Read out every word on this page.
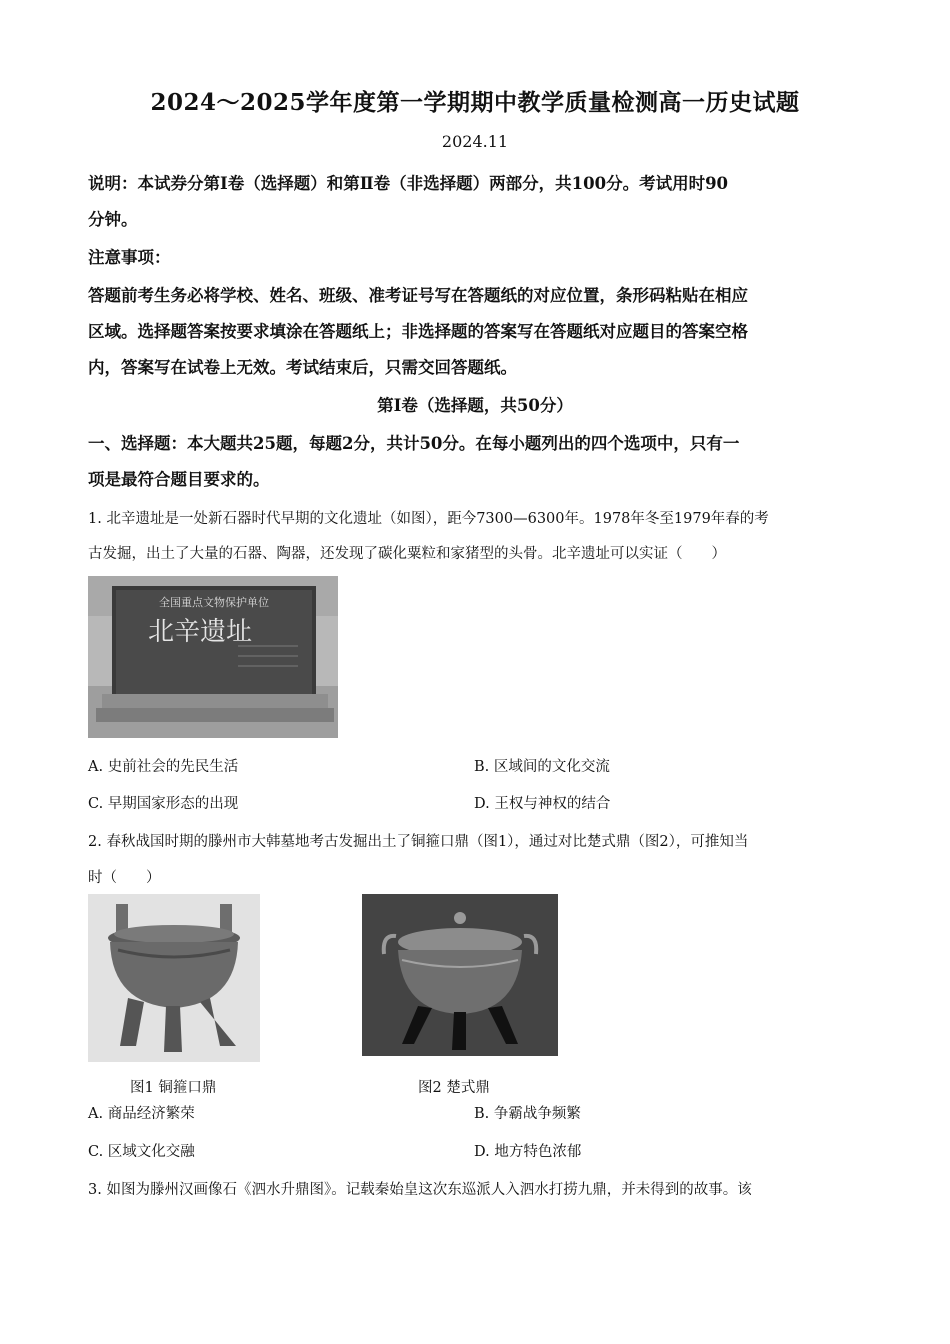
2024～2025学年度第一学期期中教学质量检测高一历史试题
2024.11
说明：本试券分第Ⅰ卷（选择题）和第Ⅱ卷（非选择题）两部分，共100分。考试用时90
分钟。
注意事项：
答题前考生务必将学校、姓名、班级、准考证号写在答题纸的对应位置，条形码粘贴在相应
区域。选择题答案按要求填涂在答题纸上；非选择题的答案写在答题纸对应题目的答案空格
内，答案写在试卷上无效。考试结束后，只需交回答题纸。
第Ⅰ卷（选择题，共50分）
一、选择题：本大题共25题，每题2分，共计50分。在每小题列出的四个选项中，只有一
项是最符合题目要求的。
1. 北辛遗址是一处新石器时代早期的文化遗址（如图），距今7300—6300年。1978年冬至1979年春的考
古发掘，出土了大量的石器、陶器，还发现了碳化粟粒和家猪型的头骨。北辛遗址可以实证（　　）
全国重点文物保护单位
北辛遗址
A. 史前社会的先民生活	B. 区域间的文化交流
C. 早期国家形态的出现	D. 王权与神权的结合
2. 春秋战国时期的滕州市大韩墓地考古发掘出土了铜箍口鼎（图1），通过对比楚式鼎（图2），可推知当
时（　　）
图1 铜箍口鼎	图2 楚式鼎
A. 商品经济繁荣	B. 争霸战争频繁
C. 区域文化交融	D. 地方特色浓郁
3. 如图为滕州汉画像石《泗水升鼎图》。记载秦始皇这次东巡派人入泗水打捞九鼎，并未得到的故事。该
